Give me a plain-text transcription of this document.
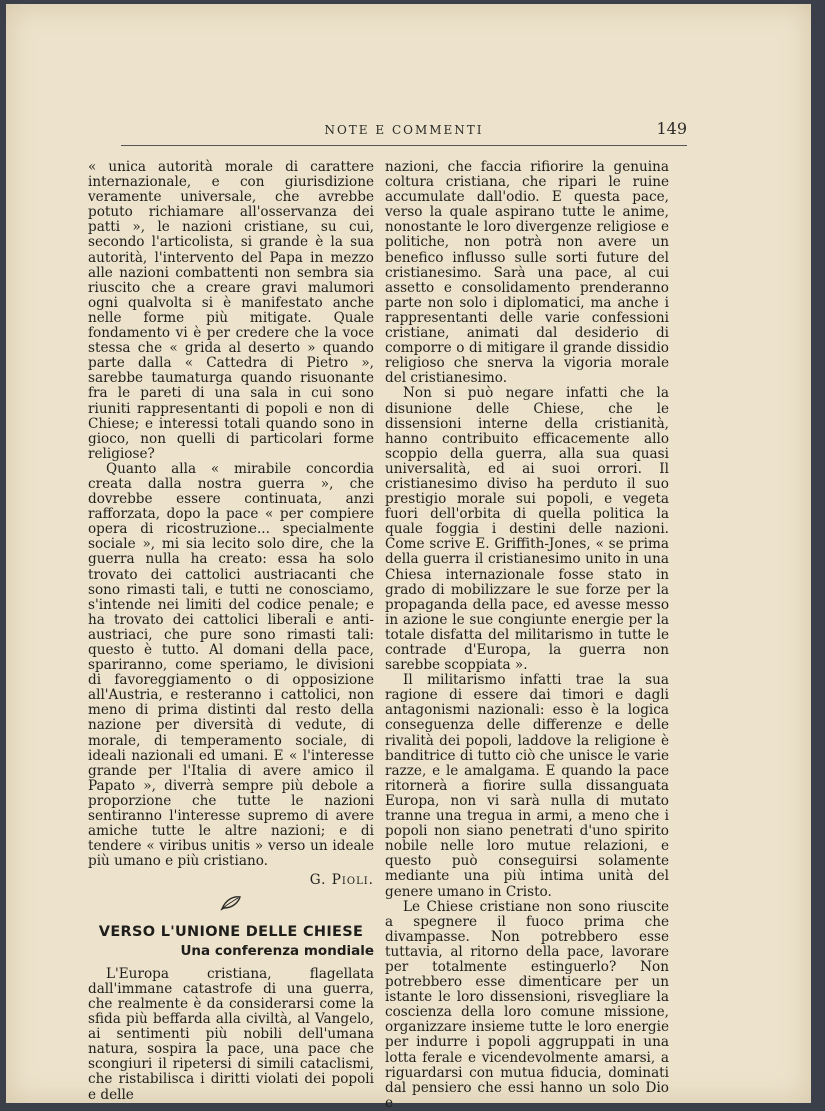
NOTE E COMMENTI	149

« unica autorità morale di carattere internazionale, e con giurisdizione veramente universale, che avrebbe potuto richiamare all'osservanza dei patti », le nazioni cristiane, su cui, secondo l'articolista, si grande è la sua autorità, l'intervento del Papa in mezzo alle nazioni combattenti non sembra sia riuscito che a creare gravi malumori ogni qualvolta si è manifestato anche nelle forme più mitigate. Quale fondamento vi è per credere che la voce stessa che « grida al deserto » quando parte dalla « Cattedra di Pietro », sarebbe taumaturga quando risuonante fra le pareti di una sala in cui sono riuniti rappresentanti di popoli e non di Chiese; e interessi totali quando sono in gioco, non quelli di particolari forme religiose?

Quanto alla « mirabile concordia creata dalla nostra guerra », che dovrebbe essere continuata, anzi rafforzata, dopo la pace « per compiere opera di ricostruzione... specialmente sociale », mi sia lecito solo dire, che la guerra nulla ha creato: essa ha solo trovato dei cattolici austriacanti che sono rimasti tali, e tutti ne conosciamo, s'intende nei limiti del codice penale; e ha trovato dei cattolici liberali e anti-austriaci, che pure sono rimasti tali: questo è tutto. Al domani della pace, spariranno, come speriamo, le divisioni di favoreggiamento o di opposizione all'Austria, e resteranno i cattolici, non meno di prima distinti dal resto della nazione per diversità di vedute, di morale, di temperamento sociale, di ideali nazionali ed umani. E « l'interesse grande per l'Italia di avere amico il Papato », diverrà sempre più debole a proporzione che tutte le nazioni sentiranno l'interesse supremo di avere amiche tutte le altre nazioni; e di tendere « viribus unitis » verso un ideale più umano e più cristiano.

G. Pioli.
VERSO L'UNIONE DELLE CHIESE
Una conferenza mondiale

L'Europa cristiana, flagellata dall'immane catastrofe di una guerra, che realmente è da considerarsi come la sfida più beffarda alla civiltà, al Vangelo, ai sentimenti più nobili dell'umana natura, sospira la pace, una pace che scongiuri il ripetersi di simili cataclismi, che ristabilisca i diritti violati dei popoli e delle

nazioni, che faccia rifiorire la genuina coltura cristiana, che ripari le ruine accumulate dall'odio. E questa pace, verso la quale aspirano tutte le anime, nonostante le loro divergenze religiose e politiche, non potrà non avere un benefico influsso sulle sorti future del cristianesimo. Sarà una pace, al cui assetto e consolidamento prenderanno parte non solo i diplomatici, ma anche i rappresentanti delle varie confessioni cristiane, animati dal desiderio di comporre o di mitigare il grande dissidio religioso che snerva la vigoria morale del cristianesimo.

Non si può negare infatti che la disunione delle Chiese, che le dissensioni interne della cristianità, hanno contribuito efficacemente allo scoppio della guerra, alla sua quasi universalità, ed ai suoi orrori. Il cristianesimo diviso ha perduto il suo prestigio morale sui popoli, e vegeta fuori dell'orbita di quella politica la quale foggia i destini delle nazioni. Come scrive E. Griffith-Jones, « se prima della guerra il cristianesimo unito in una Chiesa internazionale fosse stato in grado di mobilizzare le sue forze per la propaganda della pace, ed avesse messo in azione le sue congiunte energie per la totale disfatta del militarismo in tutte le contrade d'Europa, la guerra non sarebbe scoppiata ».

Il militarismo infatti trae la sua ragione di essere dai timori e dagli antagonismi nazionali: esso è la logica conseguenza delle differenze e delle rivalità dei popoli, laddove la religione è banditrice di tutto ciò che unisce le varie razze, e le amalgama. E quando la pace ritornerà a fiorire sulla dissanguata Europa, non vi sarà nulla di mutato tranne una tregua in armi, a meno che i popoli non siano penetrati d'uno spirito nobile nelle loro mutue relazioni, e questo può conseguirsi solamente mediante una più intima unità del genere umano in Cristo.

Le Chiese cristiane non sono riuscite a spegnere il fuoco prima che divampasse. Non potrebbero esse tuttavia, al ritorno della pace, lavorare per totalmente estinguerlo? Non potrebbero esse dimenticare per un istante le loro dissensioni, risvegliare la coscienza della loro comune missione, organizzare insieme tutte le loro energie per indurre i popoli aggruppati in una lotta ferale e vicendevolmente amarsi, a riguardarsi con mutua fiducia, dominati dal pensiero che essi hanno un solo Dio e
